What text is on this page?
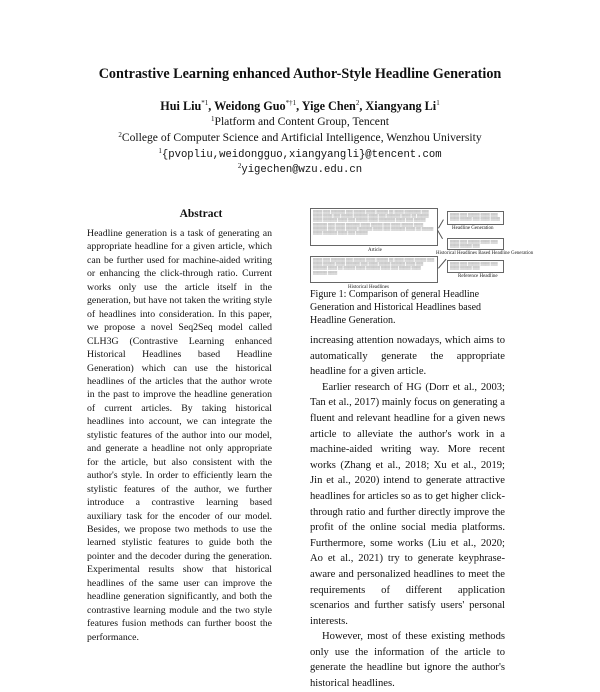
Contrastive Learning enhanced Author-Style Headline Generation
Hui Liu$^{*1}$, Weidong Guo$^{*\dagger 1}$, Yige Chen$^2$, Xiangyang Li$^1$
$^1$Platform and Content Group, Tencent
$^2$College of Computer Science and Artificial Intelligence, Wenzhou University
$^1${pvopliu,weidongguo,xiangyangli}@tencent.com
$^2$yigechen@wzu.edu.cn
Abstract

Headline generation is a task of generating an appropriate headline for a given article, which can be further used for machine-aided writing or enhancing the click-through ratio. Current works only use the article itself in the generation, but have not taken the writing style of headlines into consideration. In this paper, we propose a novel Seq2Seq model called CLH3G (Contrastive Learning enhanced Historical Headlines based Headline Generation) which can use the historical headlines of the articles that the author wrote in the past to improve the headline generation of current articles. By taking historical headlines into account, we can integrate the stylistic features of the author into our model, and generate a headline not only appropriate for the article, but also consistent with the author's style. In order to efficiently learn the stylistic features of the author, we further introduce a contrastive learning based auxiliary task for the encoder of our model. Besides, we propose two methods to use the learned stylistic features to guide both the pointer and the decoder during the generation. Experimental results show that historical headlines of the same user can improve the headline generation significantly, and both the contrastive learning module and the two style features fusion methods can further boost the performance.

▒▒▒▒ ▒▒▒ ▒▒▒▒▒▒ ▒▒▒ ▒▒▒▒▒ ▒▒▒▒ ▒▒▒▒▒ ▒▒ ▒▒▒▒ ▒▒▒▒▒▒▒ ▒▒▒ ▒▒▒▒ ▒▒▒▒ ▒▒▒ ▒▒▒▒▒ ▒▒▒▒▒▒ ▒▒▒▒ ▒▒▒ ▒▒▒▒▒▒ ▒▒▒▒ ▒▒ ▒▒▒▒▒ ▒▒▒▒ ▒▒▒▒▒▒ ▒▒▒▒ ▒▒▒ ▒▒▒▒▒ ▒▒▒▒ ▒▒▒▒▒▒▒ ▒▒▒▒ ▒▒▒ ▒▒▒▒▒ ▒▒▒▒▒▒ ▒▒▒ ▒▒▒▒ ▒▒▒▒▒▒ ▒▒▒▒ ▒▒▒▒▒ ▒▒▒ ▒▒▒▒ ▒▒▒▒▒ ▒▒▒▒ ▒▒▒▒▒▒ ▒▒▒ ▒▒▒▒ ▒▒▒▒▒ ▒▒▒▒▒▒ ▒▒▒▒ ▒▒▒ ▒▒▒▒▒▒ ▒▒▒▒ ▒▒ ▒▒▒▒▒ ▒▒▒▒ ▒▒▒▒▒▒ ▒▒▒▒ ▒▒▒ ▒▒▒▒▒
Article
▒▒▒▒ ▒▒▒ ▒▒▒▒▒▒ ▒▒▒ ▒▒▒▒▒ ▒▒▒▒ ▒▒▒▒▒ ▒▒ ▒▒▒▒ ▒▒▒▒ ▒▒▒▒▒ ▒▒▒ ▒▒▒▒ ▒▒▒▒▒ ▒▒▒▒ ▒▒▒▒▒▒ ▒▒▒ ▒▒▒▒ ▒▒▒▒▒ ▒▒▒▒▒▒ ▒▒▒▒ ▒▒▒ ▒▒▒▒▒▒ ▒▒▒▒ ▒▒ ▒▒▒▒▒ ▒▒▒▒ ▒▒▒▒▒▒ ▒▒▒▒ ▒▒▒ ▒▒▒▒▒ ▒▒▒▒ ▒▒▒▒▒▒ ▒▒▒▒
Historical Headlines
▒▒▒▒ ▒▒▒ ▒▒▒▒▒ ▒▒▒▒ ▒▒▒ ▒▒▒▒ ▒▒▒▒▒ ▒▒▒ ▒▒▒▒ ▒▒▒▒
Headline Generation
▒▒▒▒ ▒▒▒ ▒▒▒▒▒ ▒▒▒▒ ▒▒▒ ▒▒▒▒ ▒▒▒▒▒ ▒▒▒
Historical Headlines Based Headline Generation
▒▒▒▒ ▒▒▒ ▒▒▒▒▒ ▒▒▒▒ ▒▒▒ ▒▒▒▒ ▒▒▒▒▒ ▒▒▒
Reference Headline

Figure 1: Comparison of general Headline Generation and Historical Headlines based Headline Generation.

increasing attention nowadays, which aims to automatically generate the appropriate headline for a given article.

Earlier research of HG (Dorr et al., 2003; Tan et al., 2017) mainly focus on generating a fluent and relevant headline for a given news article to alleviate the author's work in a machine-aided writing way. More recent works (Zhang et al., 2018; Xu et al., 2019; Jin et al., 2020) intend to generate attractive headlines for articles so as to get higher click-through ratio and further directly improve the profit of the online social media platforms. Furthermore, some works (Liu et al., 2020; Ao et al., 2021) try to generate keyphrase-aware and personalized headlines to meet the requirements of different application scenarios and further satisfy users' personal interests.

However, most of these existing methods only use the information of the article to generate the headline but ignore the author's historical headlines.
